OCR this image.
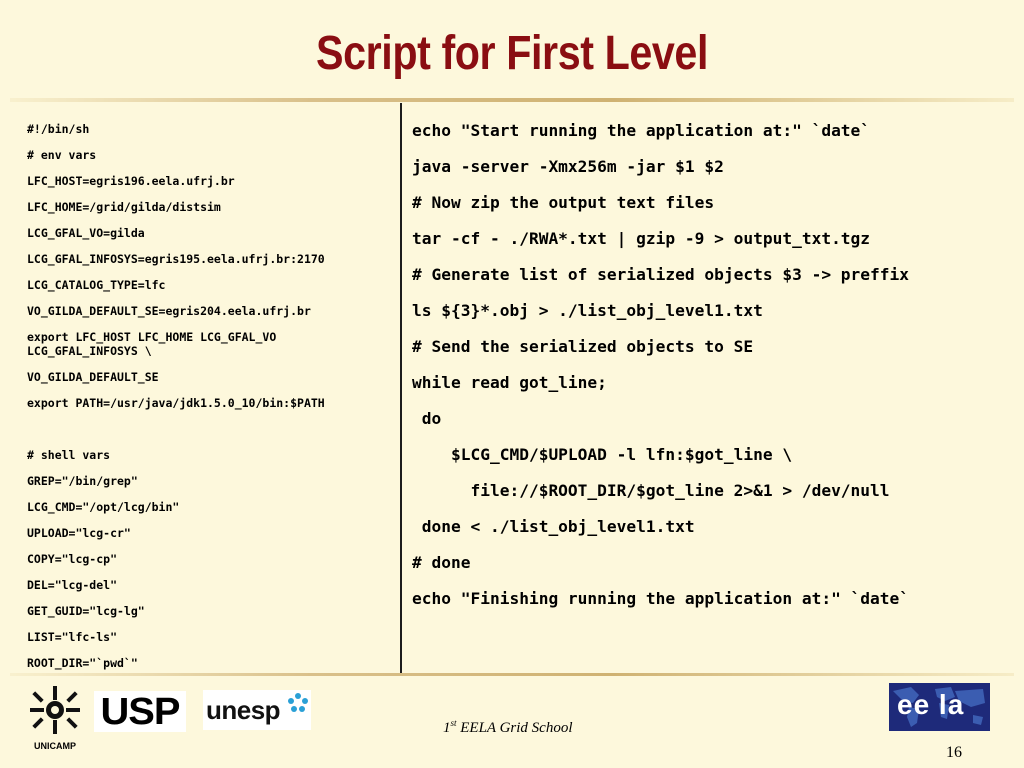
Script for First Level
#!/bin/sh
# env vars
LFC_HOST=egris196.eela.ufrj.br
LFC_HOME=/grid/gilda/distsim
LCG_GFAL_VO=gilda
LCG_GFAL_INFOSYS=egris195.eela.ufrj.br:2170
LCG_CATALOG_TYPE=lfc
VO_GILDA_DEFAULT_SE=egris204.eela.ufrj.br
export LFC_HOST LFC_HOME LCG_GFAL_VO
LCG_GFAL_INFOSYS \
VO_GILDA_DEFAULT_SE
export PATH=/usr/java/jdk1.5.0_10/bin:$PATH
# shell vars
GREP="/bin/grep"
LCG_CMD="/opt/lcg/bin"
UPLOAD="lcg-cr"
COPY="lcg-cp"
DEL="lcg-del"
GET_GUID="lcg-lg"
LIST="lfc-ls"
ROOT_DIR="`pwd`"
echo "Start running the application at:" `date`
java -server -Xmx256m -jar $1 $2
# Now zip the output text files
tar -cf - ./RWA*.txt | gzip -9 > output_txt.tgz
# Generate list of serialized objects $3 -> preffix
ls ${3}*.obj > ./list_obj_level1.txt
# Send the serialized objects to SE
while read got_line;
do
$LCG_CMD/$UPLOAD -l lfn:$got_line \
file://$ROOT_DIR/$got_line 2>&1 > /dev/null
done < ./list_obj_level1.txt
# done
echo "Finishing running the application at:" `date`
UNICAMP
USP	unesp
1st EELA Grid School
ee la
16
